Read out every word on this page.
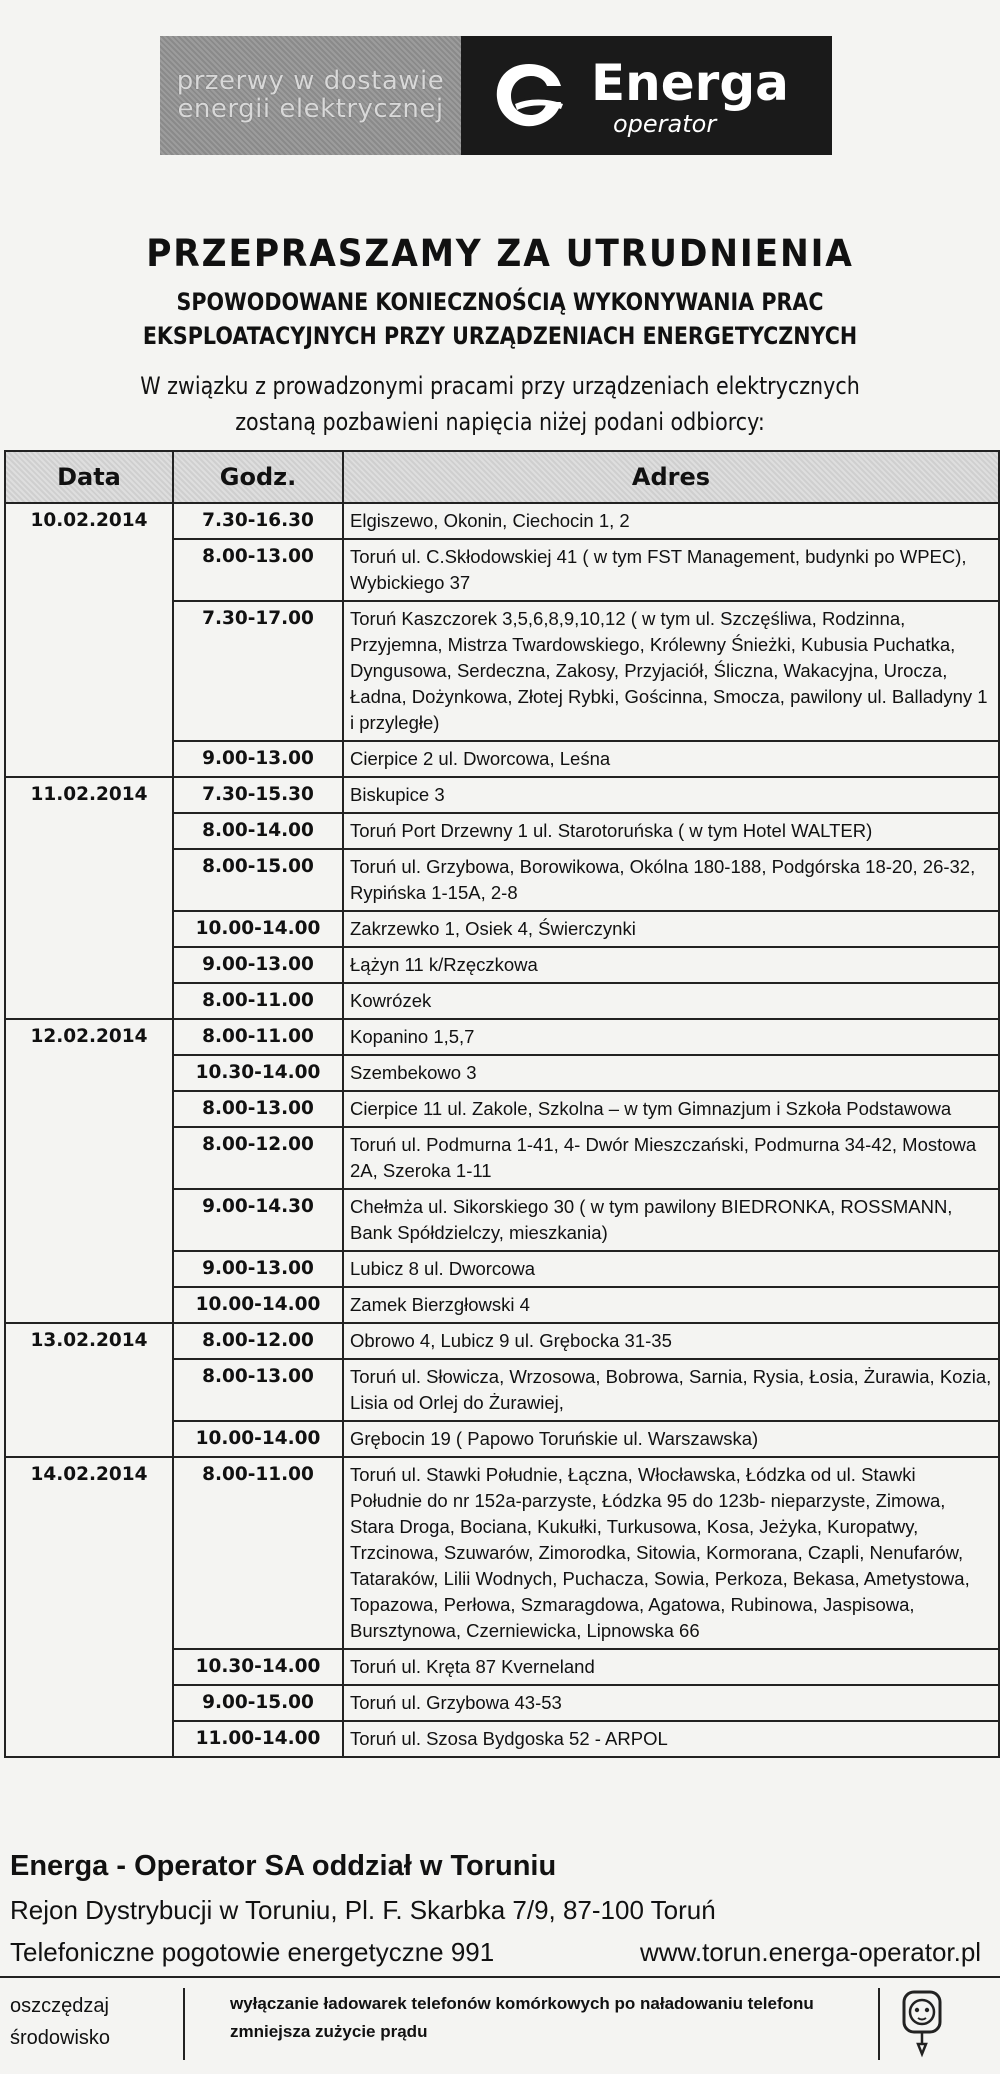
przerwy w dostawie
energii elektrycznej	Energa
operator
PRZEPRASZAMY ZA UTRUDNIENIA
SPOWODOWANE KONIECZNOŚCIĄ WYKONYWANIA PRAC
EKSPLOATACYJNYCH PRZY URZĄDZENIACH ENERGETYCZNYCH
W związku z prowadzonymi pracami przy urządzeniach elektrycznych
zostaną pozbawieni napięcia niżej podani odbiorcy:
Data	Godz.	Adres
10.02.2014	7.30-16.30	Elgiszewo, Okonin, Ciechocin 1, 2
	8.00-13.00	Toruń ul. C.Skłodowskiej 41 ( w tym FST Management, budynki po WPEC), Wybickiego 37
	7.30-17.00	Toruń Kaszczorek 3,5,6,8,9,10,12 ( w tym ul. Szczęśliwa, Rodzinna, Przyjemna, Mistrza Twardowskiego, Królewny Śnieżki, Kubusia Puchatka, Dyngusowa, Serdeczna, Zakosy, Przyjaciół, Śliczna, Wakacyjna, Urocza, Ładna, Dożynkowa, Złotej Rybki, Gościnna, Smocza, pawilony ul. Balladyny 1 i przyległe)
	9.00-13.00	Cierpice 2 ul. Dworcowa, Leśna
11.02.2014	7.30-15.30	Biskupice 3
	8.00-14.00	Toruń Port Drzewny 1 ul. Starotoruńska ( w tym Hotel WALTER)
	8.00-15.00	Toruń ul. Grzybowa, Borowikowa, Okólna 180-188, Podgórska 18-20, 26-32, Rypińska 1-15A, 2-8
	10.00-14.00	Zakrzewko 1, Osiek 4, Świerczynki
	9.00-13.00	Łążyn 11 k/Rzęczkowa
	8.00-11.00	Kowrózek
12.02.2014	8.00-11.00	Kopanino 1,5,7
	10.30-14.00	Szembekowo 3
	8.00-13.00	Cierpice 11 ul. Zakole, Szkolna – w tym Gimnazjum i Szkoła Podstawowa
	8.00-12.00	Toruń ul. Podmurna 1-41, 4- Dwór Mieszczański, Podmurna 34-42, Mostowa 2A, Szeroka 1-11
	9.00-14.30	Chełmża ul. Sikorskiego 30 ( w tym pawilony BIEDRONKA, ROSSMANN, Bank Spółdzielczy, mieszkania)
	9.00-13.00	Lubicz 8 ul. Dworcowa
	10.00-14.00	Zamek Bierzgłowski 4
13.02.2014	8.00-12.00	Obrowo 4, Lubicz 9 ul. Grębocka 31-35
	8.00-13.00	Toruń ul. Słowicza, Wrzosowa, Bobrowa, Sarnia, Rysia, Łosia, Żurawia, Kozia, Lisia od Orlej do Żurawiej,
	10.00-14.00	Grębocin 19 ( Papowo Toruńskie ul. Warszawska)
14.02.2014	8.00-11.00	Toruń ul. Stawki Południe, Łączna, Włocławska, Łódzka od ul. Stawki Południe do nr 152a-parzyste, Łódzka 95 do 123b- nieparzyste, Zimowa, Stara Droga, Bociana, Kukułki, Turkusowa, Kosa, Jeżyka, Kuropatwy, Trzcinowa, Szuwarów, Zimorodka, Sitowia, Kormorana, Czapli, Nenufarów, Tataraków, Lilii Wodnych, Puchacza, Sowia, Perkoza, Bekasa, Ametystowa, Topazowa, Perłowa, Szmaragdowa, Agatowa, Rubinowa, Jaspisowa, Bursztynowa, Czerniewicka, Lipnowska 66
	10.30-14.00	Toruń ul. Kręta 87 Kverneland
	9.00-15.00	Toruń ul. Grzybowa 43-53
	11.00-14.00	Toruń ul. Szosa Bydgoska 52 - ARPOL
Energa - Operator SA oddział w Toruniu
Rejon Dystrybucji w Toruniu, Pl. F. Skarbka 7/9, 87-100 Toruń
Telefoniczne pogotowie energetyczne 991	www.torun.energa-operator.pl
oszczędzaj
środowisko
wyłączanie ładowarek telefonów komórkowych po naładowaniu telefonu
zmniejsza zużycie prądu
